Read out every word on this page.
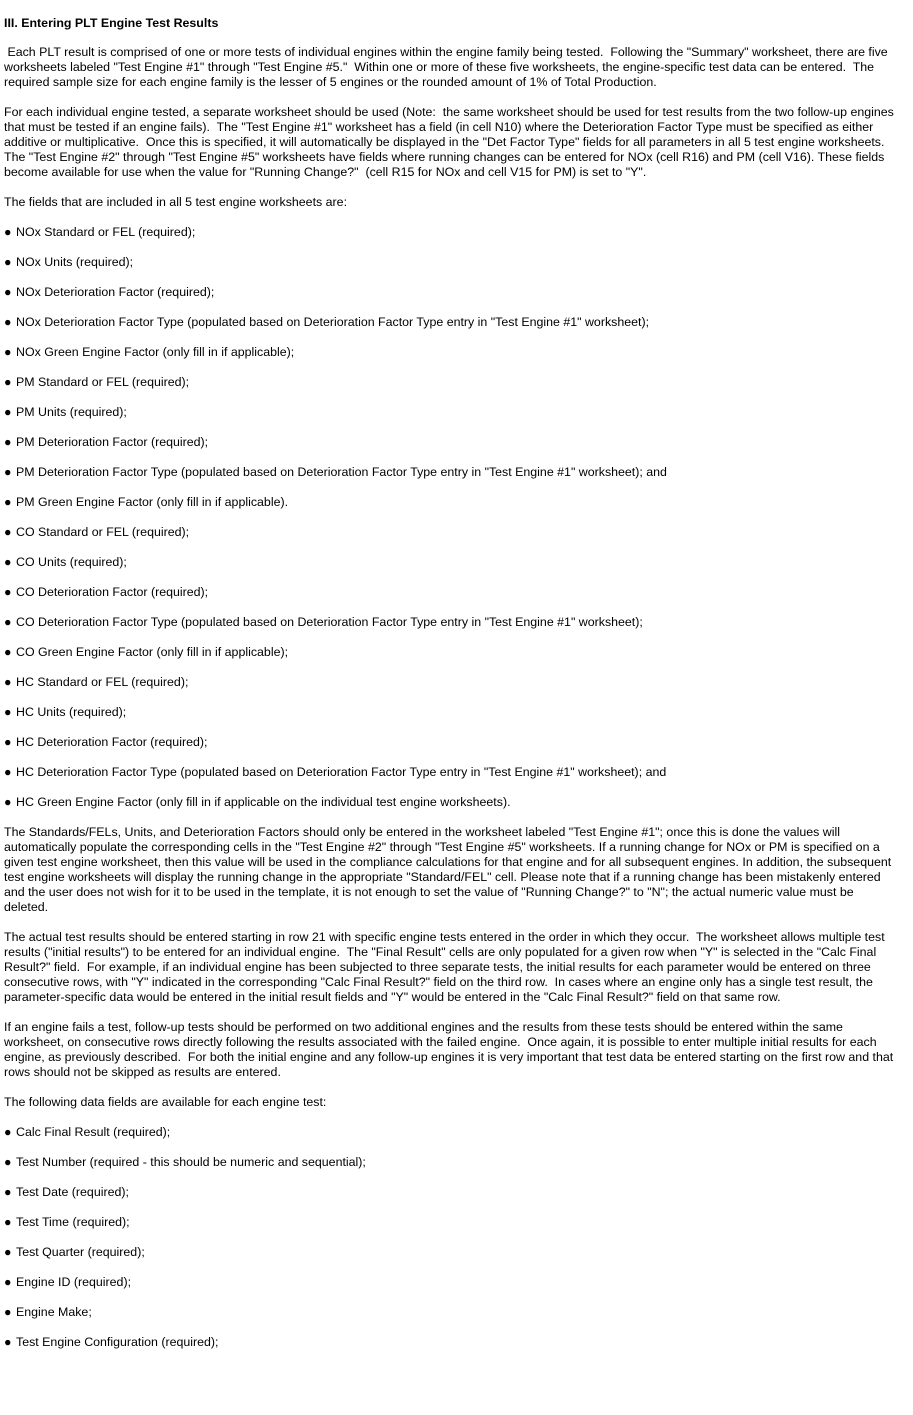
III. Entering PLT Engine Test Results
Each PLT result is comprised of one or more tests of individual engines within the engine family being tested.  Following the "Summary" worksheet, there are five worksheets labeled "Test Engine #1" through "Test Engine #5."  Within one or more of these five worksheets, the engine-specific test data can be entered.  The required sample size for each engine family is the lesser of 5 engines or the rounded amount of 1% of Total Production.
For each individual engine tested, a separate worksheet should be used (Note:  the same worksheet should be used for test results from the two follow-up engines that must be tested if an engine fails).  The "Test Engine #1" worksheet has a field (in cell N10) where the Deterioration Factor Type must be specified as either additive or multiplicative.  Once this is specified, it will automatically be displayed in the "Det Factor Type" fields for all parameters in all 5 test engine worksheets. The "Test Engine #2" through "Test Engine #5" worksheets have fields where running changes can be entered for NOx (cell R16) and PM (cell V16). These fields become available for use when the value for "Running Change?"  (cell R15 for NOx and cell V15 for PM) is set to "Y".
The fields that are included in all 5 test engine worksheets are:
● NOx Standard or FEL (required);
● NOx Units (required);
● NOx Deterioration Factor (required);
● NOx Deterioration Factor Type (populated based on Deterioration Factor Type entry in "Test Engine #1" worksheet);
● NOx Green Engine Factor (only fill in if applicable);
● PM Standard or FEL (required);
● PM Units (required);
● PM Deterioration Factor (required);
● PM Deterioration Factor Type (populated based on Deterioration Factor Type entry in "Test Engine #1" worksheet); and
● PM Green Engine Factor (only fill in if applicable).
● CO Standard or FEL (required);
● CO Units (required);
● CO Deterioration Factor (required);
● CO Deterioration Factor Type (populated based on Deterioration Factor Type entry in "Test Engine #1" worksheet);
● CO Green Engine Factor (only fill in if applicable);
● HC Standard or FEL (required);
● HC Units (required);
● HC Deterioration Factor (required);
● HC Deterioration Factor Type (populated based on Deterioration Factor Type entry in "Test Engine #1" worksheet); and
● HC Green Engine Factor (only fill in if applicable on the individual test engine worksheets).
The Standards/FELs, Units, and Deterioration Factors should only be entered in the worksheet labeled "Test Engine #1"; once this is done the values will automatically populate the corresponding cells in the "Test Engine #2" through "Test Engine #5" worksheets. If a running change for NOx or PM is specified on a given test engine worksheet, then this value will be used in the compliance calculations for that engine and for all subsequent engines. In addition, the subsequent test engine worksheets will display the running change in the appropriate "Standard/FEL" cell. Please note that if a running change has been mistakenly entered and the user does not wish for it to be used in the template, it is not enough to set the value of "Running Change?" to "N"; the actual numeric value must be deleted.
The actual test results should be entered starting in row 21 with specific engine tests entered in the order in which they occur.  The worksheet allows multiple test results ("initial results") to be entered for an individual engine.  The "Final Result" cells are only populated for a given row when "Y" is selected in the "Calc Final Result?" field.  For example, if an individual engine has been subjected to three separate tests, the initial results for each parameter would be entered on three consecutive rows, with "Y" indicated in the corresponding "Calc Final Result?" field on the third row.  In cases where an engine only has a single test result, the parameter-specific data would be entered in the initial result fields and "Y" would be entered in the "Calc Final Result?" field on that same row.
If an engine fails a test, follow-up tests should be performed on two additional engines and the results from these tests should be entered within the same worksheet, on consecutive rows directly following the results associated with the failed engine.  Once again, it is possible to enter multiple initial results for each engine, as previously described.  For both the initial engine and any follow-up engines it is very important that test data be entered starting on the first row and that rows should not be skipped as results are entered.
The following data fields are available for each engine test:
● Calc Final Result (required);
● Test Number (required - this should be numeric and sequential);
● Test Date (required);
● Test Time (required);
● Test Quarter (required);
● Engine ID (required);
● Engine Make;
● Test Engine Configuration (required);
